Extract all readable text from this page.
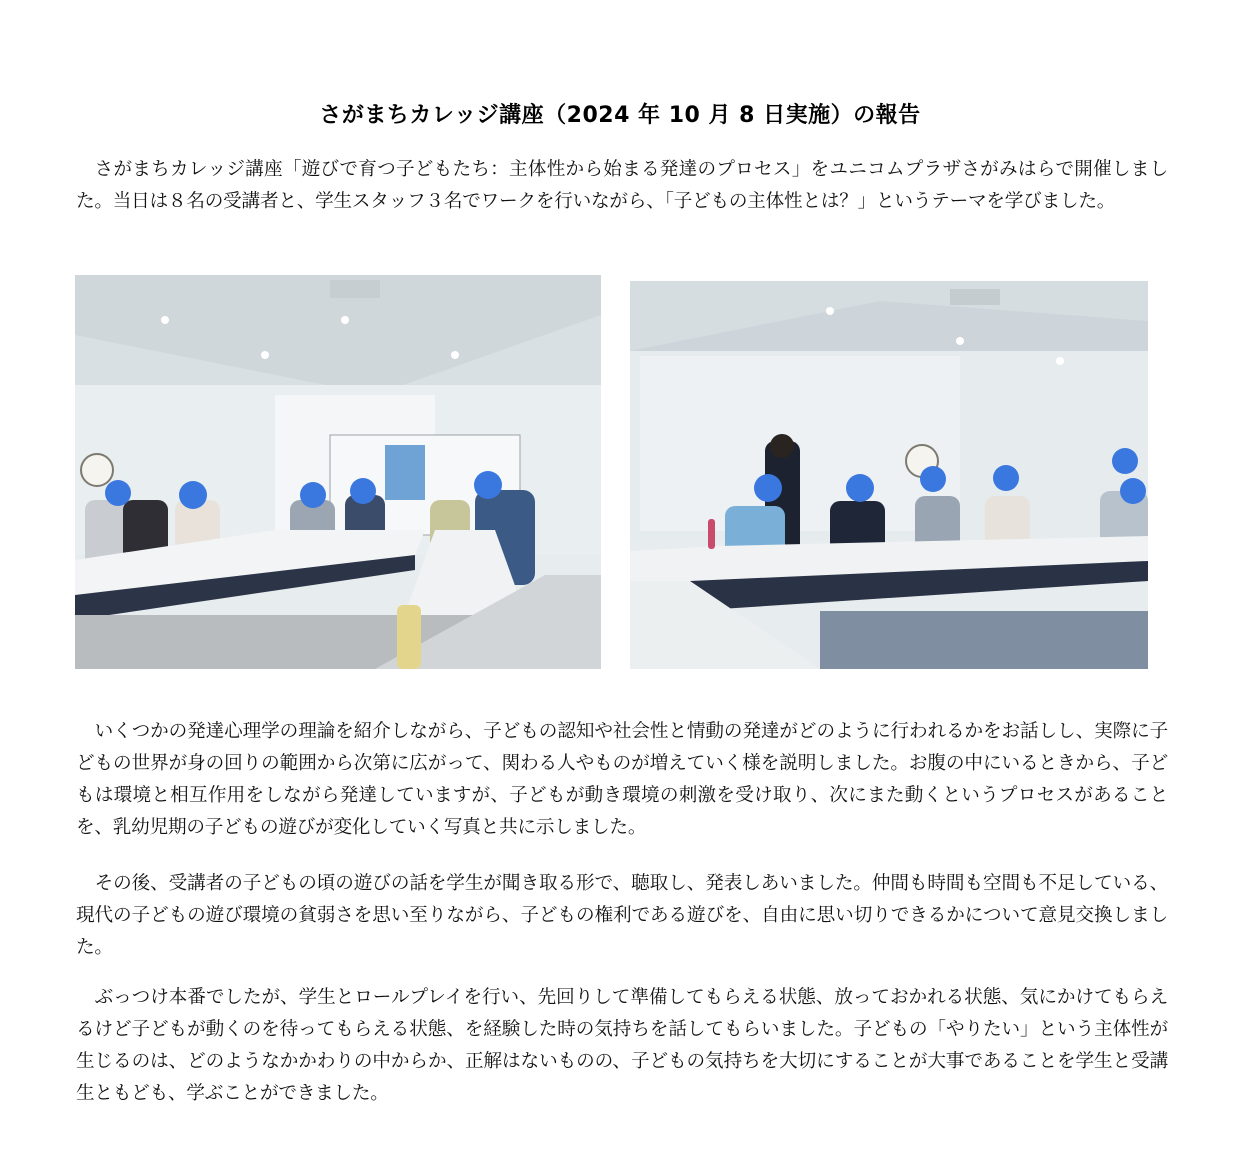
さがまちカレッジ講座（2024 年 10 月 8 日実施）の報告

さがまちカレッジ講座「遊びで育つ子どもたち：主体性から始まる発達のプロセス」をユニコムプラザさがみはらで開催しました。当日は８名の受講者と、学生スタッフ３名でワークを行いながら、「子どもの主体性とは？」というテーマを学びました。

いくつかの発達心理学の理論を紹介しながら、子どもの認知や社会性と情動の発達がどのように行われるかをお話しし、実際に子どもの世界が身の回りの範囲から次第に広がって、関わる人やものが増えていく様を説明しました。お腹の中にいるときから、子どもは環境と相互作用をしながら発達していますが、子どもが動き環境の刺激を受け取り、次にまた動くというプロセスがあることを、乳幼児期の子どもの遊びが変化していく写真と共に示しました。

その後、受講者の子どもの頃の遊びの話を学生が聞き取る形で、聴取し、発表しあいました。仲間も時間も空間も不足している、現代の子どもの遊び環境の貧弱さを思い至りながら、子どもの権利である遊びを、自由に思い切りできるかについて意見交換しました。

ぶっつけ本番でしたが、学生とロールプレイを行い、先回りして準備してもらえる状態、放っておかれる状態、気にかけてもらえるけど子どもが動くのを待ってもらえる状態、を経験した時の気持ちを話してもらいました。子どもの「やりたい」という主体性が生じるのは、どのようなかかわりの中からか、正解はないものの、子どもの気持ちを大切にすることが大事であることを学生と受講生ともども、学ぶことができました。
